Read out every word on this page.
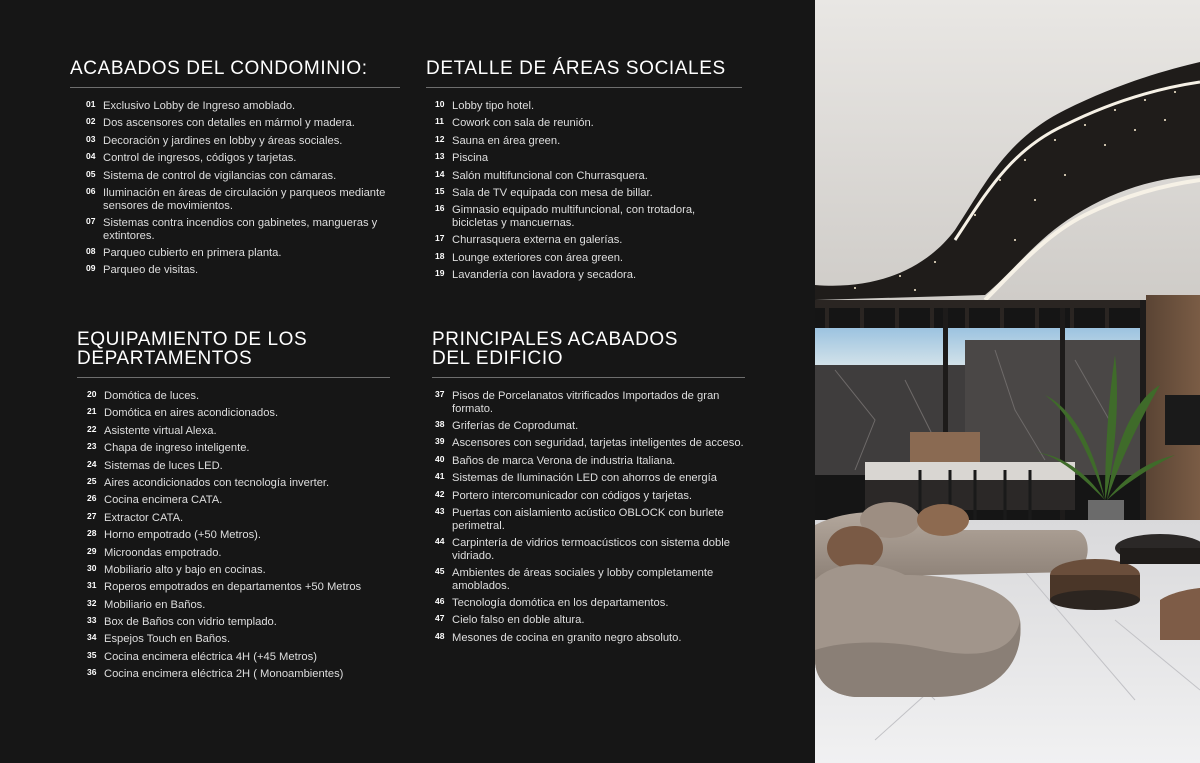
ACABADOS DEL CONDOMINIO:
01 Exclusivo Lobby de Ingreso amoblado.
02 Dos ascensores con detalles en mármol y madera.
03 Decoración y jardines en lobby y áreas sociales.
04 Control de ingresos, códigos y tarjetas.
05 Sistema de control de vigilancias con cámaras.
06 Iluminación en áreas de circulación y parqueos mediante sensores de movimientos.
07 Sistemas contra incendios con gabinetes, mangueras y extintores.
08 Parqueo cubierto en primera planta.
09 Parqueo de visitas.
DETALLE DE ÁREAS SOCIALES
10 Lobby tipo hotel.
11 Cowork con sala de reunión.
12 Sauna en área green.
13 Piscina
14 Salón multifuncional con Churrasquera.
15 Sala de TV equipada con mesa de billar.
16 Gimnasio equipado multifuncional, con trotadora, bicicletas y mancuernas.
17 Churrasquera externa en galerías.
18 Lounge exteriores con área green.
19 Lavandería con lavadora y secadora.
EQUIPAMIENTO DE LOS
DEPARTAMENTOS
20 Domótica de luces.
21 Domótica en aires acondicionados.
22 Asistente virtual Alexa.
23 Chapa de ingreso inteligente.
24 Sistemas de luces LED.
25 Aires acondicionados con tecnología inverter.
26 Cocina encimera CATA.
27 Extractor CATA.
28 Horno empotrado (+50 Metros).
29 Microondas empotrado.
30 Mobiliario alto y bajo en cocinas.
31 Roperos empotrados en departamentos +50 Metros
32 Mobiliario en Baños.
33 Box de Baños con vidrio templado.
34 Espejos Touch en Baños.
35 Cocina encimera eléctrica 4H (+45 Metros)
36 Cocina encimera eléctrica 2H ( Monoambientes)
PRINCIPALES ACABADOS
DEL EDIFICIO
37 Pisos de Porcelanatos vitrificados Importados de gran formato.
38 Griferías de Coprodumat.
39 Ascensores con seguridad, tarjetas inteligentes de acceso.
40 Baños de marca Verona de industria Italiana.
41 Sistemas de Iluminación LED con ahorros de energía
42 Portero intercomunicador con códigos y tarjetas.
43 Puertas con aislamiento acústico OBLOCK con burlete perimetral.
44 Carpintería de vidrios termoacústicos con sistema doble vidriado.
45 Ambientes de áreas sociales y lobby completamente amoblados.
46 Tecnología domótica en los departamentos.
47 Cielo falso en doble altura.
48 Mesones de cocina en granito negro absoluto.
